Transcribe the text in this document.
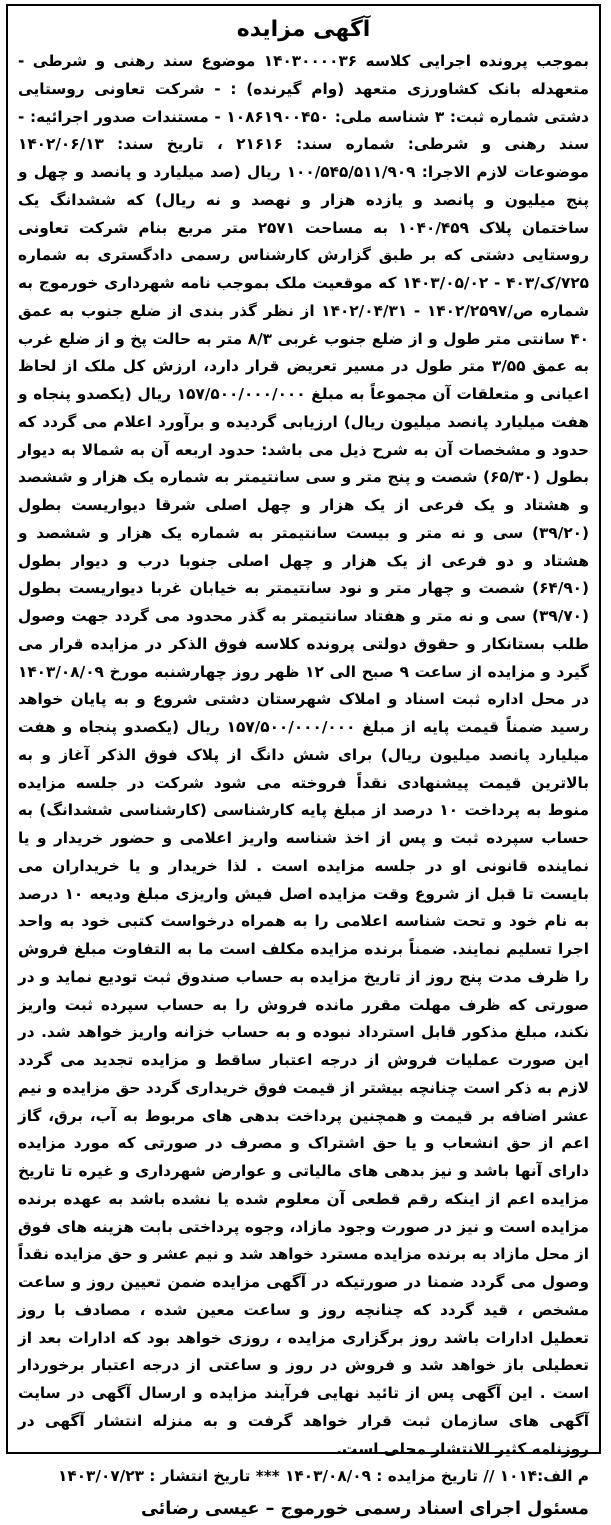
آگهی مزایده

بموجب پرونده اجرایی کلاسه ۱۴۰۳۰۰۰۰۳۶ موضوع سند رهنی و شرطی - متعهدله بانک کشاورزی متعهد (وام گیرنده) : - شرکت تعاونی روستایی دشتی شماره ثبت: ۳ شناسه ملی: ۱۰۸۶۱۹۰۰۴۵۰ - مستندات صدور اجرائیه: - سند رهنی و شرطی: شماره سند: ۲۱۶۱۶ ، تاریخ سند: ۱۴۰۲/۰۶/۱۳ موضوعات لازم الاجرا: ۱۰۰/۵۴۵/۵۱۱/۹۰۹ ریال (صد میلیارد و پانصد و چهل و پنج میلیون و پانصد و یازده هزار و نهصد و نه ریال) که ششدانگ یک ساختمان پلاک ۱۰۴۰/۴۵۹ به مساحت ۲۵۷۱ متر مربع بنام شرکت تعاونی روستایی دشتی که بر طبق گزارش کارشناس رسمی دادگستری به شماره ۷۲۵/ک/۴۰۳ - ۱۴۰۳/۰۵/۰۲ که موقعیت ملک بموجب نامه شهرداری خورموج به شماره ص/۱۴۰۲/۲۵۹۷ - ۱۴۰۲/۰۴/۳۱ از نظر گذر بندی از ضلع جنوب به عمق ۴۰ سانتی متر طول و از ضلع جنوب غربی ۸/۳ متر به حالت پخ و از ضلع غرب به عمق ۳/۵۵ متر طول در مسیر تعریض قرار دارد، ارزش کل ملک از لحاظ اعیانی و متعلقات آن مجموعاً به مبلغ ۱۵۷/۵۰۰/۰۰۰/۰۰۰ ریال (یکصدو پنجاه و هفت میلیارد پانصد میلیون ریال) ارزیابی گردیده و برآورد اعلام می گردد که حدود و مشخصات آن به شرح ذیل می باشد: حدود اربعه آن به شمالا به دیوار بطول (۶۵/۳۰) شصت و پنج متر و سی سانتیمتر به شماره یک هزار و ششصد و هشتاد و یک فرعی از یک هزار و چهل اصلی شرقا دیواریست بطول (۳۹/۲۰) سی و نه متر و بیست سانتیمتر به شماره یک هزار و ششصد و هشتاد و دو فرعی از یک هزار و چهل اصلی جنوبا درب و دیوار بطول (۶۴/۹۰) شصت و چهار متر و نود سانتیمتر به خیابان غربا دیواریست بطول (۳۹/۷۰) سی و نه متر و هفتاد سانتیمتر به گذر محدود می گردد جهت وصول طلب بستانکار و حقوق دولتی پرونده کلاسه فوق الذکر در مزایده قرار می گیرد و مزایده از ساعت ۹ صبح الی ۱۲ ظهر روز چهارشنبه مورخ ۱۴۰۳/۰۸/۰۹ در محل اداره ثبت اسناد و املاک شهرستان دشتی شروع و به پایان خواهد رسید ضمناً قیمت پایه از مبلغ ۱۵۷/۵۰۰/۰۰۰/۰۰۰ ریال (یکصدو پنجاه و هفت میلیارد پانصد میلیون ریال) برای شش دانگ از پلاک فوق الذکر آغاز و به بالاترین قیمت پیشنهادی نقداً فروخته می شود شرکت در جلسه مزایده منوط به پرداخت ۱۰ درصد از مبلغ پایه کارشناسی (کارشناسی ششدانگ) به حساب سپرده ثبت و پس از اخذ شناسه واریز اعلامی و حضور خریدار و یا نماینده قانونی او در جلسه مزایده است . لذا خریدار و یا خریداران می بایست تا قبل از شروع وقت مزایده اصل فیش واریزی مبلغ ودیعه ۱۰ درصد به نام خود و تحت شناسه اعلامی را به همراه درخواست کتبی خود به واحد اجرا تسلیم نمایند. ضمناً برنده مزایده مکلف است ما به التفاوت مبلغ فروش را ظرف مدت پنج روز از تاریخ مزایده به حساب صندوق ثبت تودیع نماید و در صورتی که ظرف مهلت مقرر مانده فروش را به حساب سپرده ثبت واریز نکند، مبلغ مذکور قابل استرداد نبوده و به حساب خزانه واریز خواهد شد. در این صورت عملیات فروش از درجه اعتبار ساقط و مزایده تجدید می گردد لازم به ذکر است چنانچه بیشتر از قیمت فوق خریداری گردد حق مزایده و نیم عشر اضافه بر قیمت و همچنین پرداخت بدهی های مربوط به آب، برق، گاز اعم از حق انشعاب و یا حق اشتراک و مصرف در صورتی که مورد مزایده دارای آنها باشد و نیز بدهی های مالیاتی و عوارض شهرداری و غیره تا تاریخ مزایده اعم از اینکه رقم قطعی آن معلوم شده یا نشده باشد به عهده برنده مزایده است و نیز در صورت وجود مازاد، وجوه پرداختی بابت هزینه های فوق از محل مازاد به برنده مزایده مسترد خواهد شد و نیم عشر و حق مزایده نقداً وصول می گردد ضمنا در صورتیکه در آگهی مزایده ضمن تعیین روز و ساعت مشخص ، قید گردد که چنانچه روز و ساعت معین شده ، مصادف با روز تعطیل ادارات باشد روز برگزاری مزایده ، روزی خواهد بود که ادارات بعد از تعطیلی باز خواهد شد و فروش در روز و ساعتی از درجه اعتبار برخوردار است . این آگهی پس از تائید نهایی فرآیند مزایده و ارسال آگهی در سایت آگهی های سازمان ثبت قرار خواهد گرفت و به منزله انتشار آگهی در روزنامه کثیر الانتشار محلی است.

م الف:۱۰۱۴ // تاریخ مزایده : ۱۴۰۳/۰۸/۰۹ *** تاریخ انتشار : ۱۴۰۳/۰۷/۲۳

مسئول اجرای اسناد رسمی خورموج – عیسی رضائی
